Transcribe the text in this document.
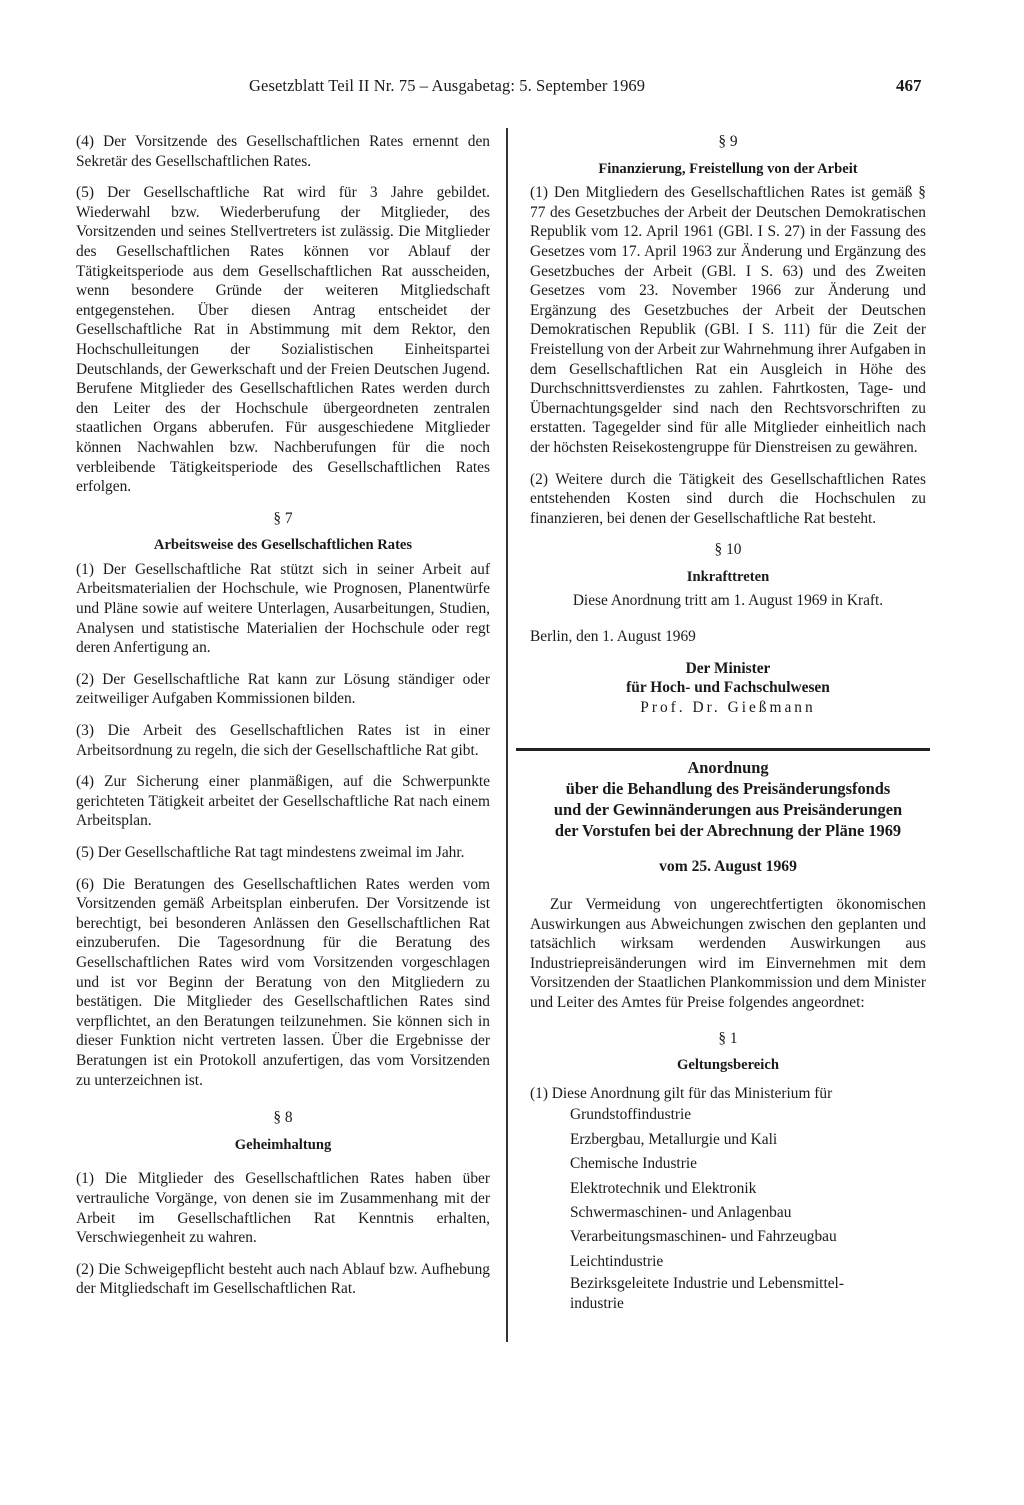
Gesetzblatt Teil II Nr. 75 – Ausgabetag: 5. September 1969	467

(4) Der Vorsitzende des Gesellschaftlichen Rates ernennt den Sekretär des Gesellschaftlichen Rates.

(5) Der Gesellschaftliche Rat wird für 3 Jahre gebildet. Wiederwahl bzw. Wiederberufung der Mitglieder, des Vorsitzenden und seines Stellvertreters ist zulässig. Die Mitglieder des Gesellschaftlichen Rates können vor Ablauf der Tätigkeitsperiode aus dem Gesellschaftlichen Rat ausscheiden, wenn besondere Gründe der weiteren Mitgliedschaft entgegenstehen. Über diesen Antrag entscheidet der Gesellschaftliche Rat in Abstimmung mit dem Rektor, den Hochschulleitungen der Sozialistischen Einheitspartei Deutschlands, der Gewerkschaft und der Freien Deutschen Jugend. Berufene Mitglieder des Gesellschaftlichen Rates werden durch den Leiter des der Hochschule übergeordneten zentralen staatlichen Organs abberufen. Für ausgeschiedene Mitglieder können Nachwahlen bzw. Nachberufungen für die noch verbleibende Tätigkeitsperiode des Gesellschaftlichen Rates erfolgen.

§ 7
Arbeitsweise des Gesellschaftlichen Rates

(1) Der Gesellschaftliche Rat stützt sich in seiner Arbeit auf Arbeitsmaterialien der Hochschule, wie Prognosen, Planentwürfe und Pläne sowie auf weitere Unterlagen, Ausarbeitungen, Studien, Analysen und statistische Materialien der Hochschule oder regt deren Anfertigung an.

(2) Der Gesellschaftliche Rat kann zur Lösung ständiger oder zeitweiliger Aufgaben Kommissionen bilden.

(3) Die Arbeit des Gesellschaftlichen Rates ist in einer Arbeitsordnung zu regeln, die sich der Gesellschaftliche Rat gibt.

(4) Zur Sicherung einer planmäßigen, auf die Schwerpunkte gerichteten Tätigkeit arbeitet der Gesellschaftliche Rat nach einem Arbeitsplan.

(5) Der Gesellschaftliche Rat tagt mindestens zweimal im Jahr.

(6) Die Beratungen des Gesellschaftlichen Rates werden vom Vorsitzenden gemäß Arbeitsplan einberufen. Der Vorsitzende ist berechtigt, bei besonderen Anlässen den Gesellschaftlichen Rat einzuberufen. Die Tagesordnung für die Beratung des Gesellschaftlichen Rates wird vom Vorsitzenden vorgeschlagen und ist vor Beginn der Beratung von den Mitgliedern zu bestätigen. Die Mitglieder des Gesellschaftlichen Rates sind verpflichtet, an den Beratungen teilzunehmen. Sie können sich in dieser Funktion nicht vertreten lassen. Über die Ergebnisse der Beratungen ist ein Protokoll anzufertigen, das vom Vorsitzenden zu unterzeichnen ist.

§ 8
Geheimhaltung

(1) Die Mitglieder des Gesellschaftlichen Rates haben über vertrauliche Vorgänge, von denen sie im Zusammenhang mit der Arbeit im Gesellschaftlichen Rat Kenntnis erhalten, Verschwiegenheit zu wahren.

(2) Die Schweigepflicht besteht auch nach Ablauf bzw. Aufhebung der Mitgliedschaft im Gesellschaftlichen Rat.

§ 9
Finanzierung, Freistellung von der Arbeit

(1) Den Mitgliedern des Gesellschaftlichen Rates ist gemäß § 77 des Gesetzbuches der Arbeit der Deutschen Demokratischen Republik vom 12. April 1961 (GBl. I S. 27) in der Fassung des Gesetzes vom 17. April 1963 zur Änderung und Ergänzung des Gesetzbuches der Arbeit (GBl. I S. 63) und des Zweiten Gesetzes vom 23. November 1966 zur Änderung und Ergänzung des Gesetzbuches der Arbeit der Deutschen Demokratischen Republik (GBl. I S. 111) für die Zeit der Freistellung von der Arbeit zur Wahrnehmung ihrer Aufgaben in dem Gesellschaftlichen Rat ein Ausgleich in Höhe des Durchschnittsverdienstes zu zahlen. Fahrtkosten, Tage- und Übernachtungsgelder sind nach den Rechtsvorschriften zu erstatten. Tagegelder sind für alle Mitglieder einheitlich nach der höchsten Reisekostengruppe für Dienstreisen zu gewähren.

(2) Weitere durch die Tätigkeit des Gesellschaftlichen Rates entstehenden Kosten sind durch die Hochschulen zu finanzieren, bei denen der Gesellschaftliche Rat besteht.

§ 10
Inkrafttreten

Diese Anordnung tritt am 1. August 1969 in Kraft.

Berlin, den 1. August 1969

Der Minister
für Hoch- und Fachschulwesen
Prof. Dr. Gießmann
Anordnung
über die Behandlung des Preisänderungsfonds
und der Gewinnänderungen aus Preisänderungen
der Vorstufen bei der Abrechnung der Pläne 1969
vom 25. August 1969

Zur Vermeidung von ungerechtfertigten ökonomischen Auswirkungen aus Abweichungen zwischen den geplanten und tatsächlich wirksam werdenden Auswirkungen aus Industriepreisänderungen wird im Einvernehmen mit dem Vorsitzenden der Staatlichen Plankommission und dem Minister und Leiter des Amtes für Preise folgendes angeordnet:

§ 1
Geltungsbereich

(1) Diese Anordnung gilt für das Ministerium für

Grundstoffindustrie
Erzbergbau, Metallurgie und Kali
Chemische Industrie
Elektrotechnik und Elektronik
Schwermaschinen- und Anlagenbau
Verarbeitungsmaschinen- und Fahrzeugbau
Leichtindustrie
Bezirksgeleitete Industrie und Lebensmittel-
industrie
